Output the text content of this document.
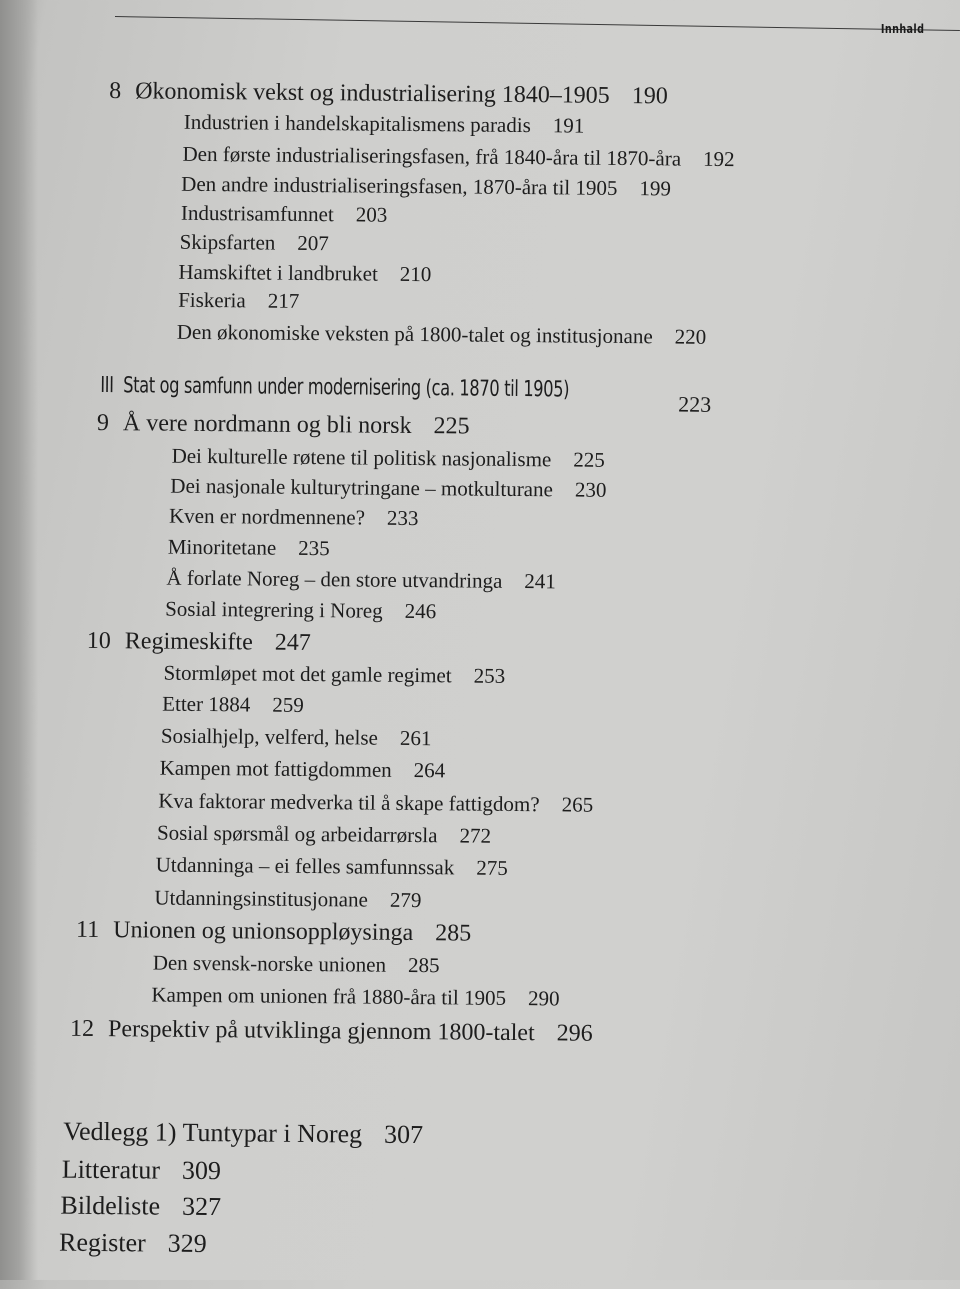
Innhald
8 Økonomisk vekst og industrialisering 1840–1905 190
Industrien i handelskapitalismens paradis 191
Den første industrialiseringsfasen, frå 1840-åra til 1870-åra 192
Den andre industrialiseringsfasen, 1870-åra til 1905 199
Industrisamfunnet 203
Skipsfarten 207
Hamskiftet i landbruket 210
Fiskeria 217
Den økonomiske veksten på 1800-talet og institusjonane 220
III Stat og samfunn under modernisering (ca. 1870 til 1905)
223
9 Å vere nordmann og bli norsk 225
Dei kulturelle røtene til politisk nasjonalisme 225
Dei nasjonale kulturytringane – motkulturane 230
Kven er nordmennene? 233
Minoritetane 235
Å forlate Noreg – den store utvandringa 241
Sosial integrering i Noreg 246
10 Regimeskifte 247
Stormløpet mot det gamle regimet 253
Etter 1884 259
Sosialhjelp, velferd, helse 261
Kampen mot fattigdommen 264
Kva faktorar medverka til å skape fattigdom? 265
Sosial spørsmål og arbeidarrørsla 272
Utdanninga – ei felles samfunnssak 275
Utdanningsinstitusjonane 279
11 Unionen og unionsoppløysinga 285
Den svensk-norske unionen 285
Kampen om unionen frå 1880-åra til 1905 290
12 Perspektiv på utviklinga gjennom 1800-talet 296
Vedlegg 1) Tuntypar i Noreg 307
Litteratur 309
Bildeliste 327
Register 329
